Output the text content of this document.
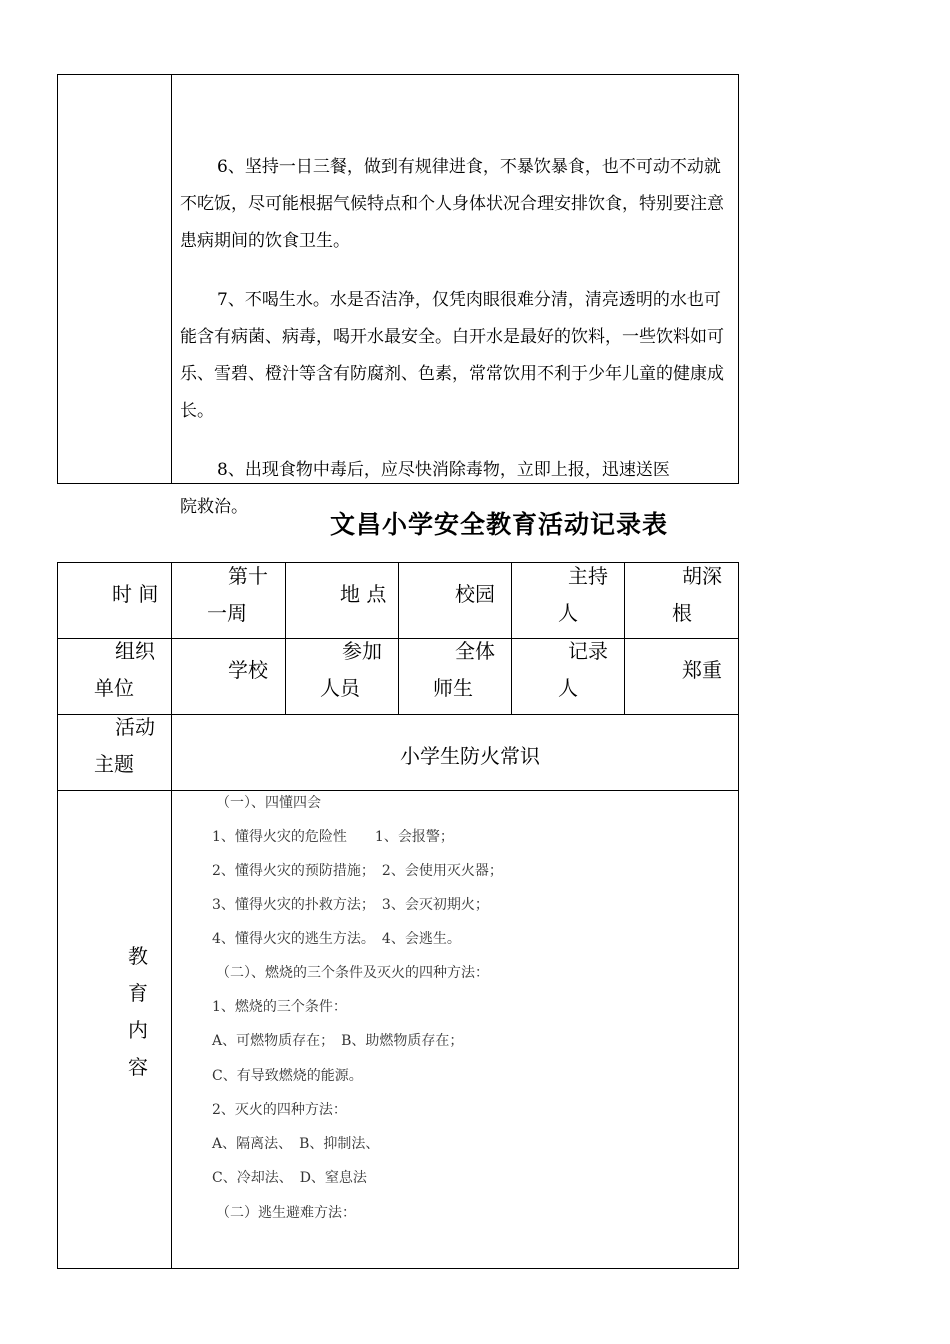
6、坚持一日三餐，做到有规律进食，不暴饮暴食，也不可动不动就不吃饭，尽可能根据气候特点和个人身体状况合理安排饮食，特别要注意患病期间的饮食卫生。
7、不喝生水。水是否洁净，仅凭肉眼很难分清，清亮透明的水也可能含有病菌、病毒，喝开水最安全。白开水是最好的饮料，一些饮料如可乐、雪碧、橙汁等含有防腐剂、色素，常常饮用不利于少年儿童的健康成长。
8、出现食物中毒后，应尽快消除毒物，立即上报，迅速送医
院救治。
文昌小学安全教育活动记录表
时 间
第十
一周
地 点	校园
主持
人
胡深
根
组织
单位
学校
参加
人员
全体
师生
记录
人
郑重
活动
主题	小学生防火常识
教
育
内
容
（一）、四懂四会
1、懂得火灾的危险性　　1、会报警；
2、懂得火灾的预防措施；　2、会使用灭火器；
3、懂得火灾的扑救方法；　3、会灭初期火；
4、懂得火灾的逃生方法。　4、会逃生。
（二）、燃烧的三个条件及灭火的四种方法：
1、燃烧的三个条件：
A、可燃物质存在；　B、助燃物质存在；
C、有导致燃烧的能源。
2、灭火的四种方法：
A、隔离法、　B、抑制法、
C、冷却法、　D、窒息法
（二）逃生避难方法：
